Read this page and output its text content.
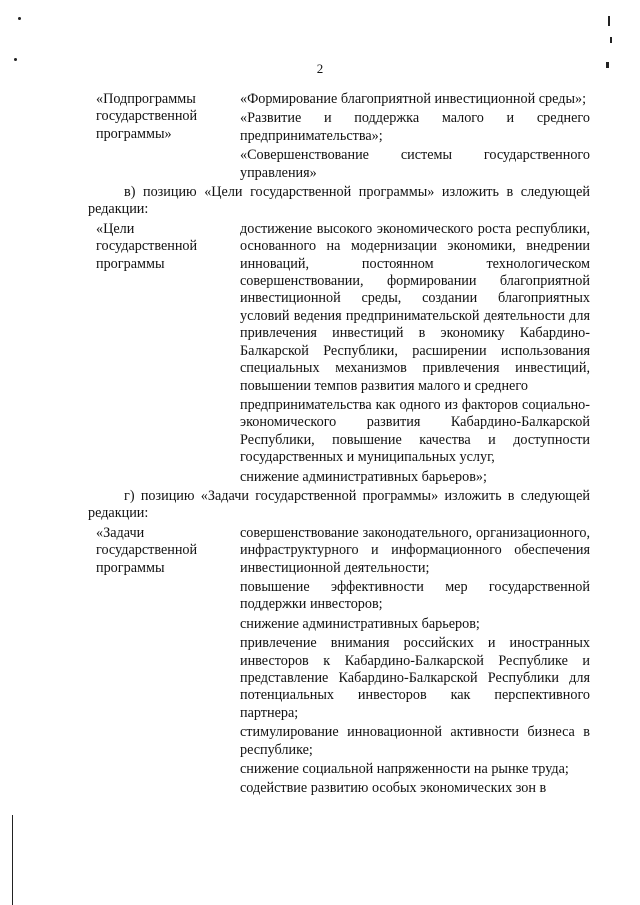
2
«Подпрограммы государственной программы»
«Формирование благоприятной инвестиционной среды»;
«Развитие и поддержка малого и среднего предпринимательства»;
«Совершенствование системы государственного управления»
в) позицию «Цели государственной программы» изложить в следующей редакции:
«Цели государственной программы
достижение высокого экономического роста республики, основанного на модернизации экономики, внедрении инноваций, постоянном технологическом совершенствовании, формировании благоприятной инвестиционной среды, создании благоприятных условий ведения предпринимательской деятельности для привлечения инвестиций в экономику Кабардино-Балкарской Республики, расширении использования специальных механизмов привлечения инвестиций, повышении темпов развития малого и среднего
предпринимательства как одного из факторов социально-экономического развития Кабардино-Балкарской Республики, повышение качества и доступности государственных и муниципальных услуг,
снижение административных барьеров»;
г) позицию «Задачи государственной программы» изложить в следующей редакции:
«Задачи государственной программы
совершенствование законодательного, организационного, инфраструктурного и информационного обеспечения инвестиционной деятельности;
повышение эффективности мер государственной поддержки инвесторов;
снижение административных барьеров;
привлечение внимания российских и иностранных инвесторов к Кабардино-Балкарской Республике и представление Кабардино-Балкарской Республики для потенциальных инвесторов как перспективного партнера;
стимулирование инновационной активности бизнеса в республике;
снижение социальной напряженности на рынке труда;
содействие развитию особых экономических зон в
